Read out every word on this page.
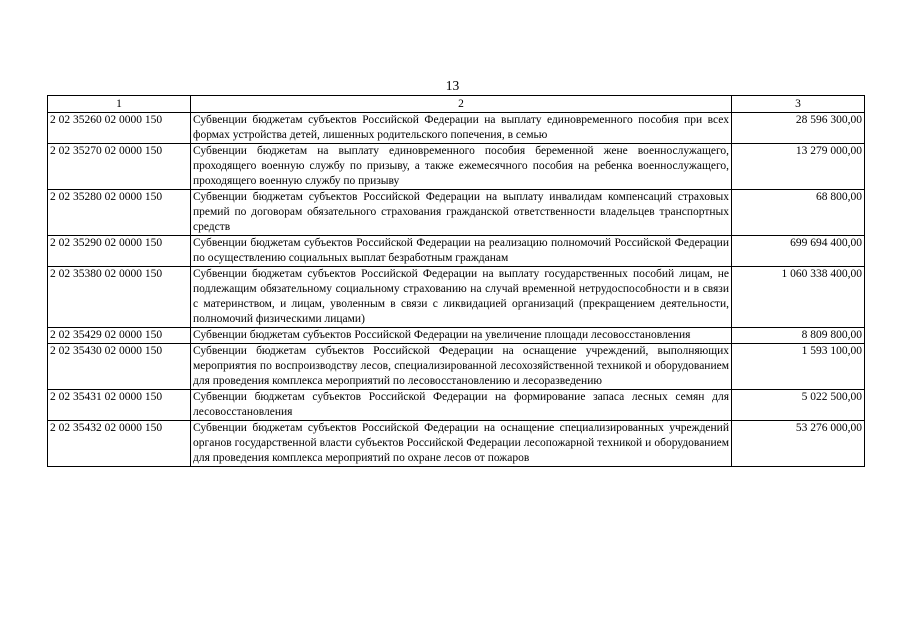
13
1	2	3
2 02 35260 02 0000 150	Субвенции бюджетам субъектов Российской Федерации на выплату единовременного пособия при всех формах устройства детей, лишенных родительского попечения, в семью	28 596 300,00
2 02 35270 02 0000 150	Субвенции бюджетам на выплату единовременного пособия беременной жене военнослужащего, проходящего военную службу по призыву, а также ежемесячного пособия на ребенка военнослужащего, проходящего военную службу по призыву	13 279 000,00
2 02 35280 02 0000 150	Субвенции бюджетам субъектов Российской Федерации на выплату инвалидам компенсаций страховых премий по договорам обязательного страхования гражданской ответственности владельцев транспортных средств	68 800,00
2 02 35290 02 0000 150	Субвенции бюджетам субъектов Российской Федерации на реализацию полномочий Российской Федерации по осуществлению социальных выплат безработным гражданам	699 694 400,00
2 02 35380 02 0000 150	Субвенции бюджетам субъектов Российской Федерации на выплату государственных пособий лицам, не подлежащим обязательному социальному страхованию на случай временной нетрудоспособности и в связи с материнством, и лицам, уволенным в связи с ликвидацией организаций (прекращением деятельности, полномочий физическими лицами)	1 060 338 400,00
2 02 35429 02 0000 150	Субвенции бюджетам субъектов Российской Федерации на увеличение площади лесовосстановления	8 809 800,00
2 02 35430 02 0000 150	Субвенции бюджетам субъектов Российской Федерации на оснащение учреждений, выполняющих мероприятия по воспроизводству лесов, специализированной лесохозяйственной техникой и оборудованием для проведения комплекса мероприятий по лесовосстановлению и лесоразведению	1 593 100,00
2 02 35431 02 0000 150	Субвенции бюджетам субъектов Российской Федерации на формирование запаса лесных семян для лесовосстановления	5 022 500,00
2 02 35432 02 0000 150	Субвенции бюджетам субъектов Российской Федерации на оснащение специализированных учреждений органов государственной власти субъектов Российской Федерации лесопожарной техникой и оборудованием для проведения комплекса мероприятий по охране лесов от пожаров	53 276 000,00
